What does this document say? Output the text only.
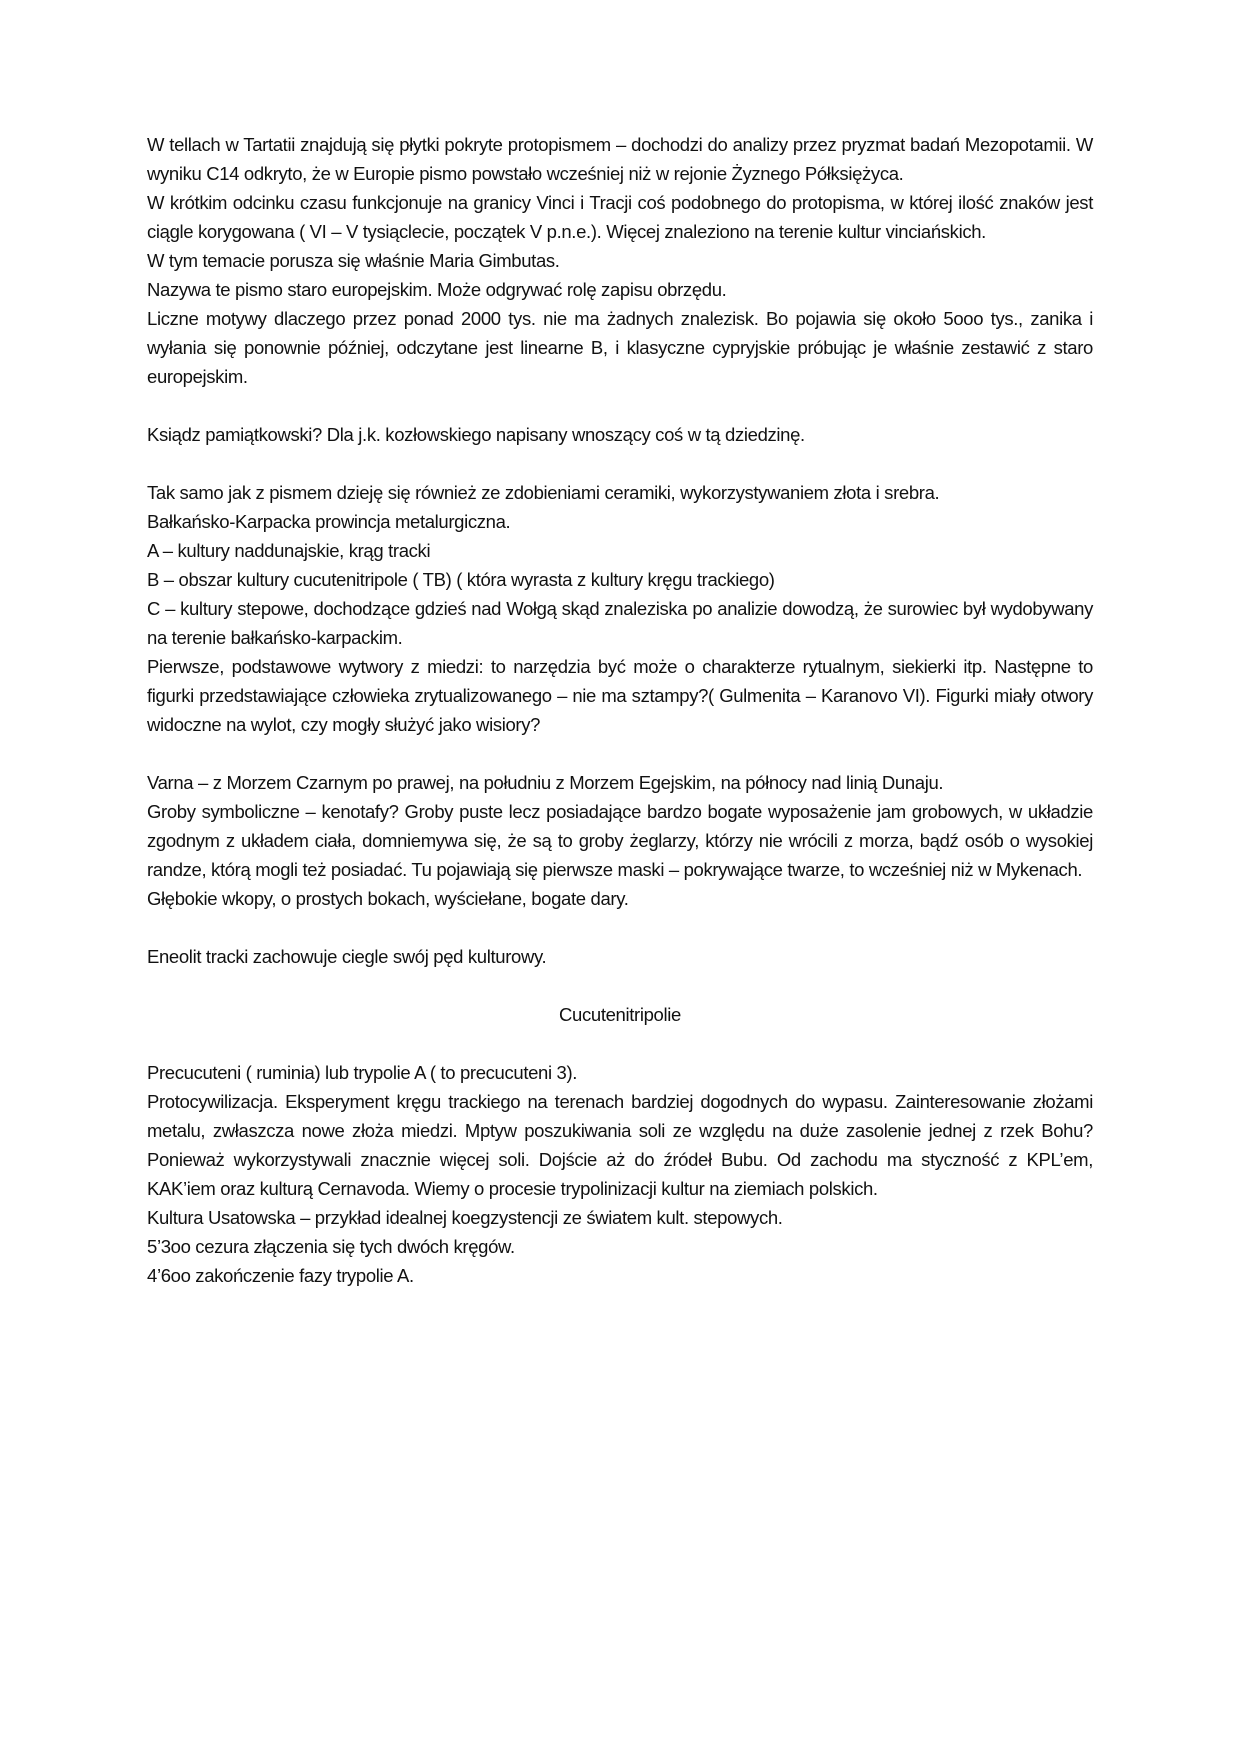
W tellach w Tartatii znajdują się płytki pokryte protopismem – dochodzi do analizy przez pryzmat badań Mezopotamii. W wyniku C14 odkryto, że w Europie pismo powstało wcześniej niż w rejonie Żyznego Półksiężyca.

W krótkim odcinku czasu funkcjonuje na granicy Vinci i Tracji coś podobnego do protopisma, w której ilość znaków jest ciągle korygowana ( VI – V tysiąclecie, początek V p.n.e.). Więcej znaleziono na terenie kultur vinciańskich.

W tym temacie porusza się właśnie Maria Gimbutas.

Nazywa te pismo staro europejskim. Może odgrywać rolę zapisu obrzędu.

Liczne motywy dlaczego przez ponad 2000 tys. nie ma żadnych znalezisk. Bo pojawia się około 5ooo tys., zanika i wyłania się ponownie później, odczytane jest linearne B, i klasyczne cypryjskie próbując je właśnie zestawić z staro europejskim.

Ksiądz pamiątkowski? Dla j.k. kozłowskiego napisany wnoszący coś w tą dziedzinę.

Tak samo jak z pismem dzieję się również ze zdobieniami ceramiki, wykorzystywaniem złota i srebra.

Bałkańsko-Karpacka prowincja metalurgiczna.

A – kultury naddunajskie, krąg tracki

B – obszar kultury cucutenitripole ( TB) ( która wyrasta z kultury kręgu trackiego)

C – kultury stepowe, dochodzące gdzieś nad Wołgą skąd znaleziska po analizie dowodzą, że surowiec był wydobywany na terenie bałkańsko-karpackim.

Pierwsze, podstawowe wytwory z miedzi: to narzędzia być może o charakterze rytualnym, siekierki itp. Następne to figurki przedstawiające człowieka zrytualizowanego – nie ma sztampy?( Gulmenita – Karanovo VI). Figurki miały otwory widoczne na wylot, czy mogły służyć jako wisiory?

Varna – z Morzem Czarnym po prawej, na południu z Morzem Egejskim, na północy nad linią Dunaju.

Groby symboliczne – kenotafy? Groby puste lecz posiadające bardzo bogate wyposażenie jam grobowych, w układzie zgodnym z układem ciała, domniemywa się, że są to groby żeglarzy, którzy nie wrócili z morza, bądź osób o wysokiej randze, którą mogli też posiadać. Tu pojawiają się pierwsze maski – pokrywające twarze, to wcześniej niż w Mykenach.

Głębokie wkopy, o prostych bokach, wyściełane, bogate dary.

Eneolit tracki zachowuje ciegle swój pęd kulturowy.

Cucutenitripolie

Precucuteni ( ruminia) lub trypolie A ( to precucuteni 3).

Protocywilizacja. Eksperyment kręgu trackiego na terenach bardziej dogodnych do wypasu. Zainteresowanie złożami metalu, zwłaszcza nowe złoża miedzi. Mptyw poszukiwania soli ze względu na duże zasolenie jednej z rzek Bohu? Ponieważ wykorzystywali znacznie więcej soli. Dojście aż do źródeł Bubu. Od zachodu ma styczność z KPL’em, KAK’iem oraz kulturą Cernavoda. Wiemy o procesie trypolinizacji kultur na ziemiach polskich.

Kultura Usatowska – przykład idealnej koegzystencji ze światem kult. stepowych.

5’3oo cezura złączenia się tych dwóch kręgów.

4’6oo zakończenie fazy trypolie A.
